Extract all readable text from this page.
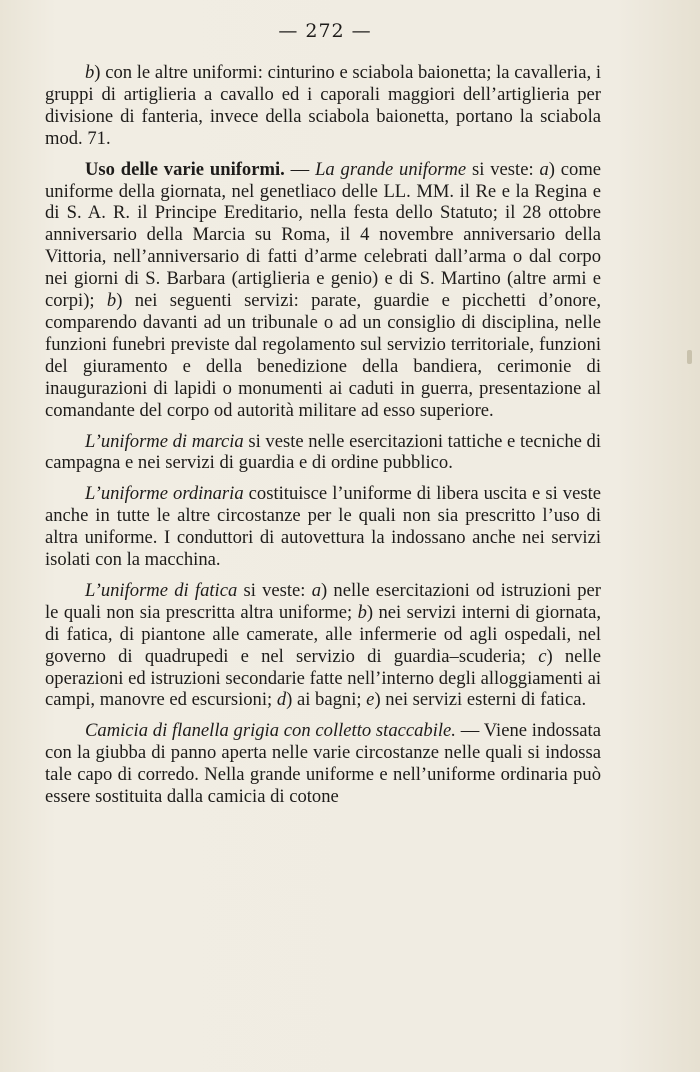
— 272 —

b) con le altre uniformi: cinturino e sciabola baionetta; la cavalleria, i gruppi di artiglieria a cavallo ed i caporali maggiori dell’artiglieria per divisione di fanteria, invece della sciabola baionetta, portano la sciabola mod. 71.

Uso delle varie uniformi. — La grande uniforme si veste: a) come uniforme della giornata, nel genetliaco delle LL. MM. il Re e la Regina e di S. A. R. il Principe Ereditario, nella festa dello Statuto; il 28 ottobre anniversario della Marcia su Roma, il 4 novembre anniversario della Vittoria, nell’anniversario di fatti d’arme celebrati dall’arma o dal corpo nei giorni di S. Barbara (artiglieria e genio) e di S. Martino (altre armi e corpi); b) nei seguenti servizi: parate, guardie e picchetti d’onore, comparendo davanti ad un tribunale o ad un consiglio di disciplina, nelle funzioni funebri previste dal regolamento sul servizio territoriale, funzioni del giuramento e della benedizione della bandiera, cerimonie di inaugurazioni di lapidi o monumenti ai caduti in guerra, presentazione al comandante del corpo od autorità militare ad esso superiore.

L’uniforme di marcia si veste nelle esercitazioni tattiche e tecniche di campagna e nei servizi di guardia e di ordine pubblico.

L’uniforme ordinaria costituisce l’uniforme di libera uscita e si veste anche in tutte le altre circostanze per le quali non sia prescritto l’uso di altra uniforme. I conduttori di autovettura la indossano anche nei servizi isolati con la macchina.

L’uniforme di fatica si veste: a) nelle esercitazioni od istruzioni per le quali non sia prescritta altra uniforme; b) nei servizi interni di giornata, di fatica, di piantone alle camerate, alle infermerie od agli ospedali, nel governo di quadrupedi e nel servizio di guardia–scuderia; c) nelle operazioni ed istruzioni secondarie fatte nell’interno degli alloggiamenti ai campi, manovre ed escursioni; d) ai bagni; e) nei servizi esterni di fatica.

Camicia di flanella grigia con colletto staccabile. — Viene indossata con la giubba di panno aperta nelle varie circostanze nelle quali si indossa tale capo di corredo. Nella grande uniforme e nell’uniforme ordinaria può essere sostituita dalla camicia di cotone
